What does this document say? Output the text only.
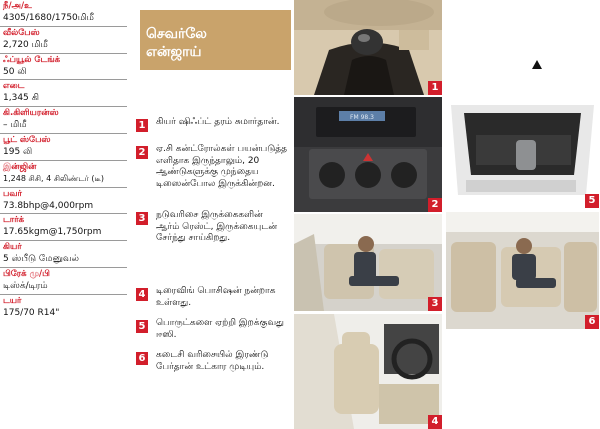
நீ/அ/உ
4305/1680/1750மிமீ
வீல்பேஸ்
2,720 மிமீ
ஃப்யூல் டேங்க்
50 லி
எடை
1,345 கி
கி.கிளியரன்ஸ்
– மிமீ
பூட் ஸ்பேஸ்
195 லி
இன்ஜின்
1,248 சிசி, 4 சிலிண்டர் (டீ)
பவர்
73.8bhp@4,000rpm
டார்க்
17.65kgm@1,750rpm
கியர்
5 ஸ்பீடு மேனுவல்
பிரேக் மு/பி
டிஸ்க்/டிரம்
டயர்
175/70 R14"
செவர்லே
என்ஜாய்
1 கியர் ஷிஃப்ட் தரம் சுமார்தான்.
2 ஏ.சி கன்ட்ரோல்கள் பயன்படுத்த எளிதாக இருந்தாலும், 20 ஆண்டுகளுக்கு முந்தைய டிஸைன்போல இருக்கின்றன.
3 நடுவரிசை இருக்கைகளின் ஆர்ம் ரெஸ்ட், இருக்கையுடன் சேர்ந்து சாய்கிறது.
4 டிரைவிங் பொசிஷன் நன்றாக உள்ளது.
5 பொருட்களை ஏற்றி இறக்குவது ஈஸி.
6 கடைசி வரிசையில் இரண்டு பேர்தான் உட்கார முடியும்.
1
FM 98.3
2
3
4
5
6
